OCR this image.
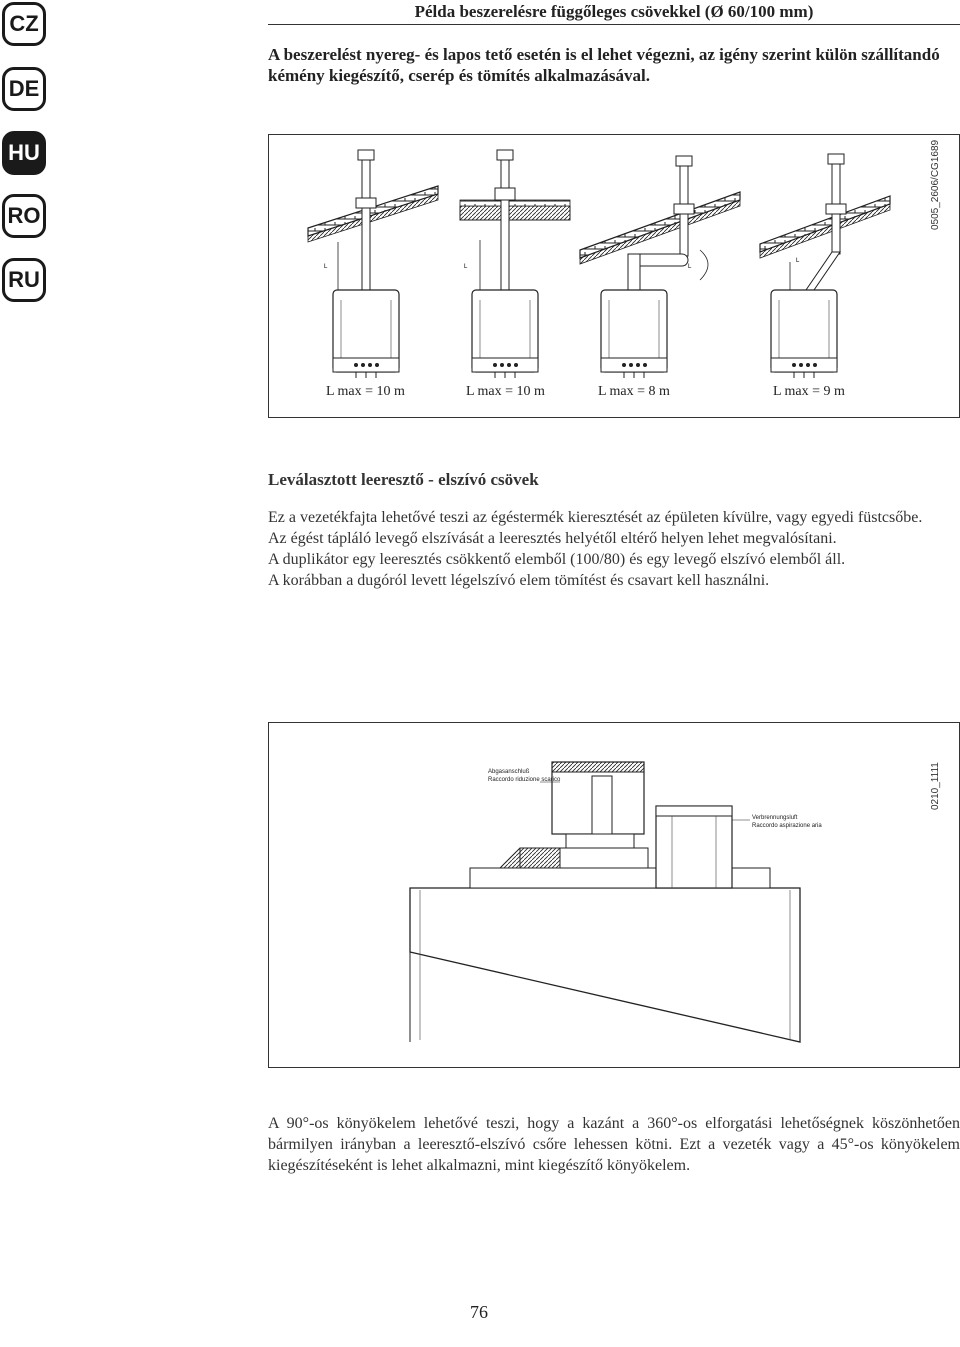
CZ
DE
HU
RO
RU
Példa beszerelésre függőleges csövekkel (Ø 60/100 mm)
A beszerelést nyereg- és lapos tető esetén is el lehet végezni, az igény szerint külön szállítandó kémény kiegészítő, cserép és tömítés alkalmazásával.
0505_2606/CG1689
L	L	L
L
L max = 10 m	L max = 10 m	L max = 8 m	L max = 9 m
Leválasztott leeresztő - elszívó csövek

Ez a vezetékfajta lehetővé teszi az égéstermék kieresztését az épületen kívülre, vagy egyedi füstcsőbe.

Az égést tápláló levegő elszívását a leeresztés helyétől eltérő helyen lehet megvalósítani.

A duplikátor egy leeresztés csökkentő elemből (100/80) és egy levegő elszívó elemből áll.

A korábban a dugóról levett légelszívó elem tömítést és csavart kell használni.

0210_1111
Abgasanschluß
Raccordo riduzione scarico
Verbrennungsluft
Raccordo aspirazione aria
A 90°-os könyökelem lehetővé teszi, hogy a kazánt a 360°-os elforgatási lehetőségnek köszönhetően bármilyen irányban a leeresztő-elszívó csőre lehessen kötni. Ezt a vezeték vagy a 45°-os könyökelem kiegészítéseként is lehet alkalmazni, mint kiegészítő könyökelem.
76
